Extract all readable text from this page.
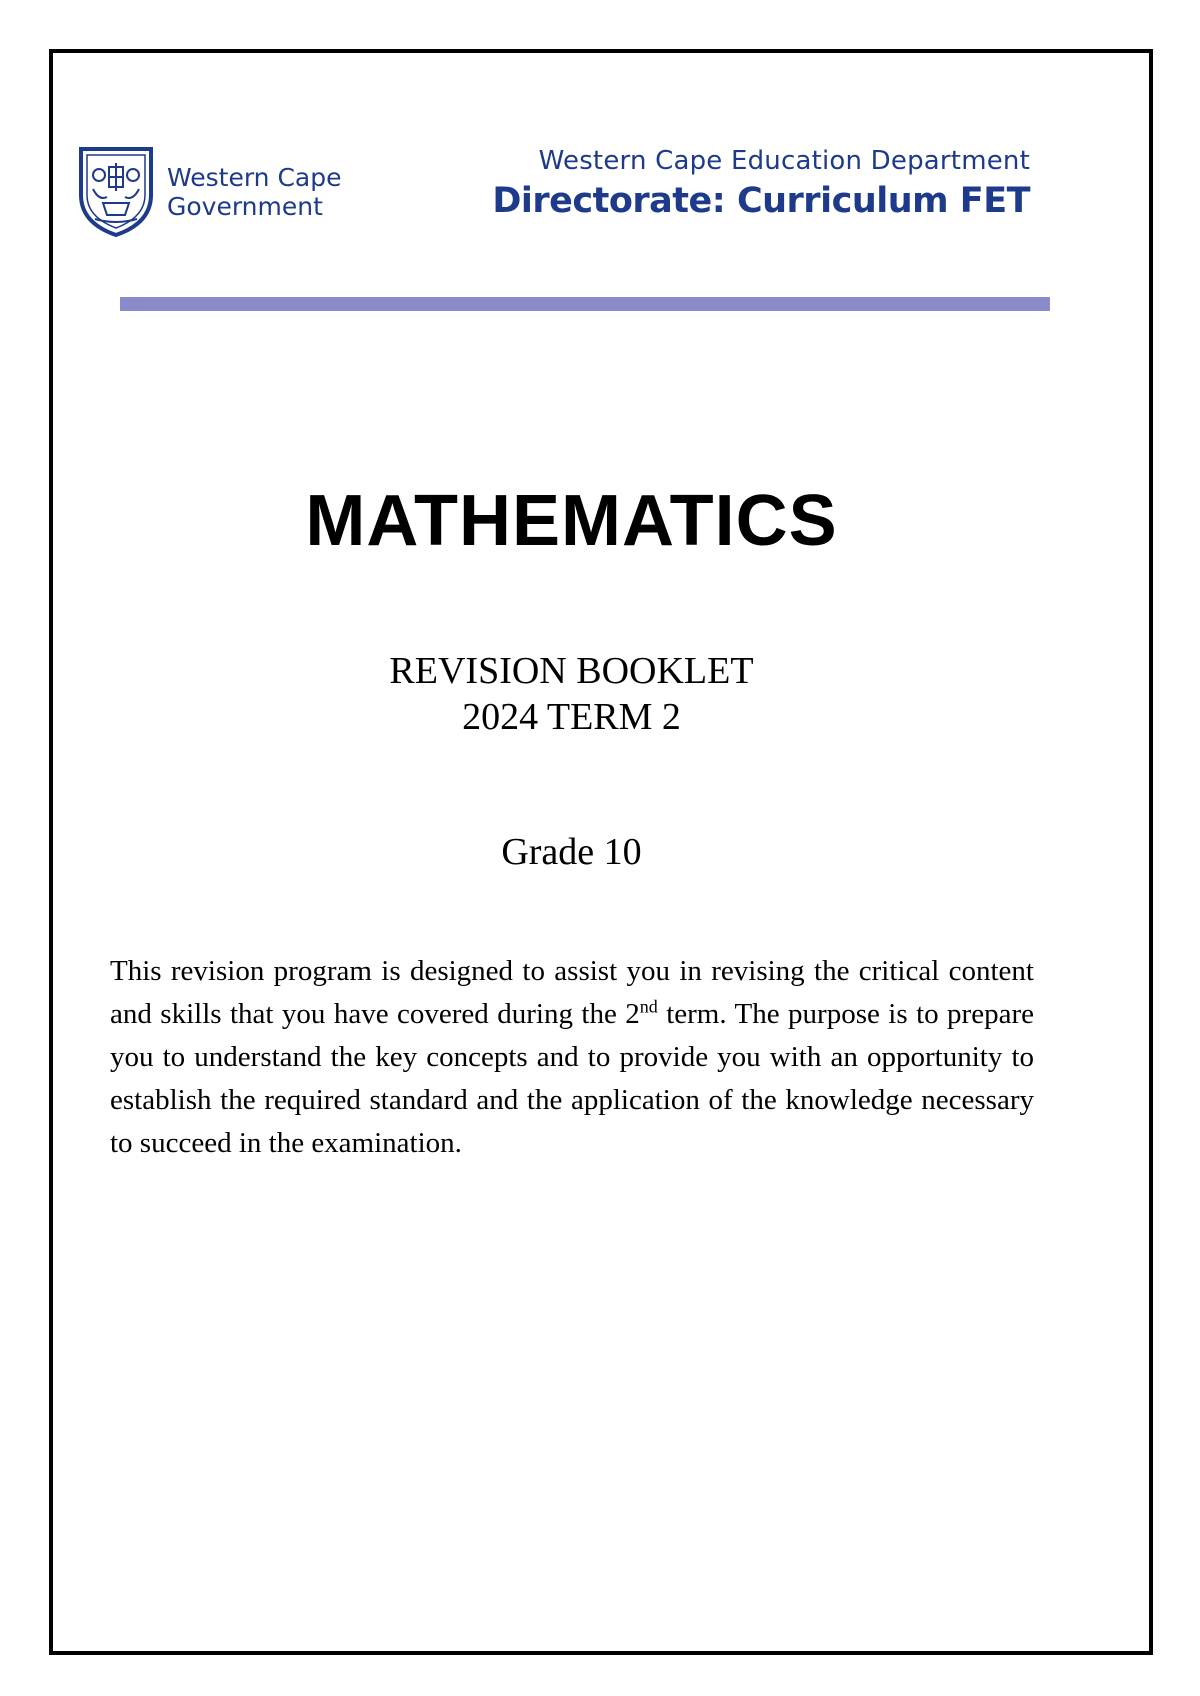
Western Cape
Government
Western Cape Education Department
Directorate: Curriculum FET
MATHEMATICS
REVISION BOOKLET
2024 TERM 2
Grade 10

This revision program is designed to assist you in revising the critical content and skills that you have covered during the 2nd term. The purpose is to prepare you to understand the key concepts and to provide you with an opportunity to establish the required standard and the application of the knowledge necessary to succeed in the examination.
